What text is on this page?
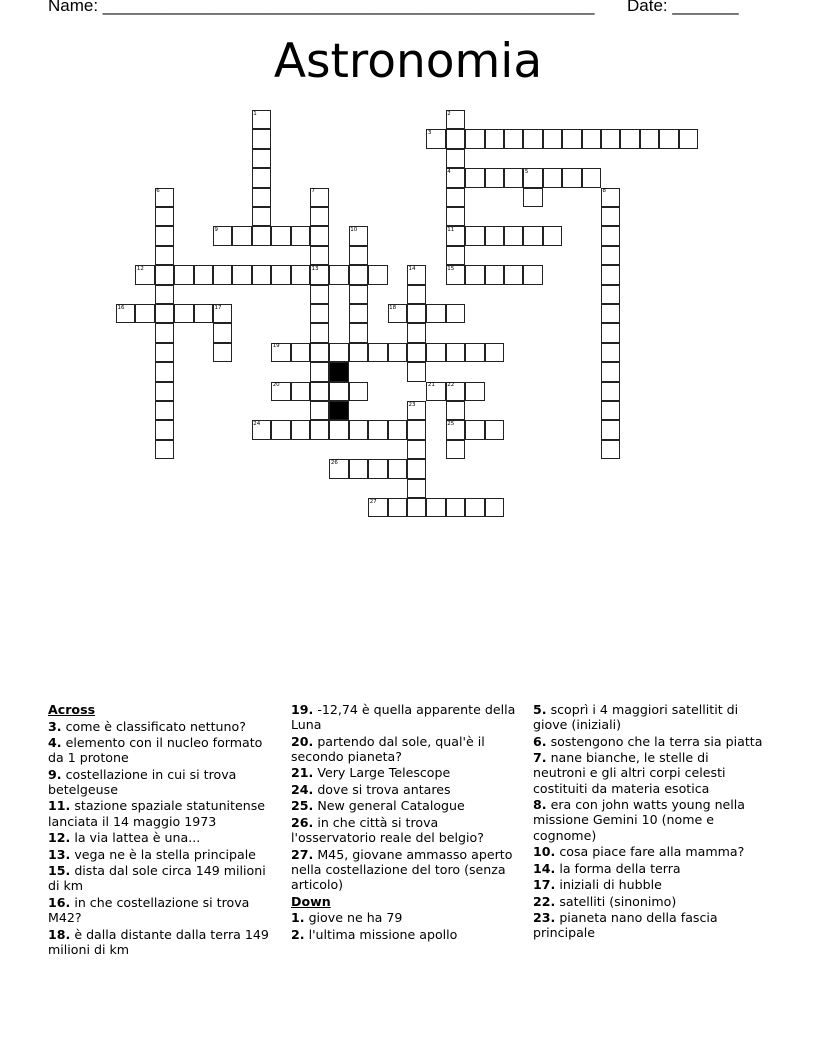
Name: ____________________________________________________ Date: _______
Astronomia
1	2
3
4	5
6	7	8
9	10	11
12	13	14	15
16	17	18
19
20	21 22
23
24	25
26
27

Across

3. come è classificato nettuno?

4. elemento con il nucleo formato da 1 protone

9. costellazione in cui si trova betelgeuse

11. stazione spaziale statunitense lanciata il 14 maggio 1973

12. la via lattea è una...

13. vega ne è la stella principale

15. dista dal sole circa 149 milioni di km

16. in che costellazione si trova M42?

18. è dalla distante dalla terra 149 milioni di km

19. -12,74 è quella apparente della Luna

20. partendo dal sole, qual'è il secondo pianeta?

21. Very Large Telescope

24. dove si trova antares

25. New general Catalogue

26. in che città si trova l'osservatorio reale del belgio?

27. M45, giovane ammasso aperto nella costellazione del toro (senza articolo)

Down

1. giove ne ha 79

2. l'ultima missione apollo

5. scoprì i 4 maggiori satellitit di giove (iniziali)

6. sostengono che la terra sia piatta

7. nane bianche, le stelle di neutroni e gli altri corpi celesti costituiti da materia esotica

8. era con john watts young nella missione Gemini 10 (nome e cognome)

10. cosa piace fare alla mamma?

14. la forma della terra

17. iniziali di hubble

22. satelliti (sinonimo)

23. pianeta nano della fascia principale
